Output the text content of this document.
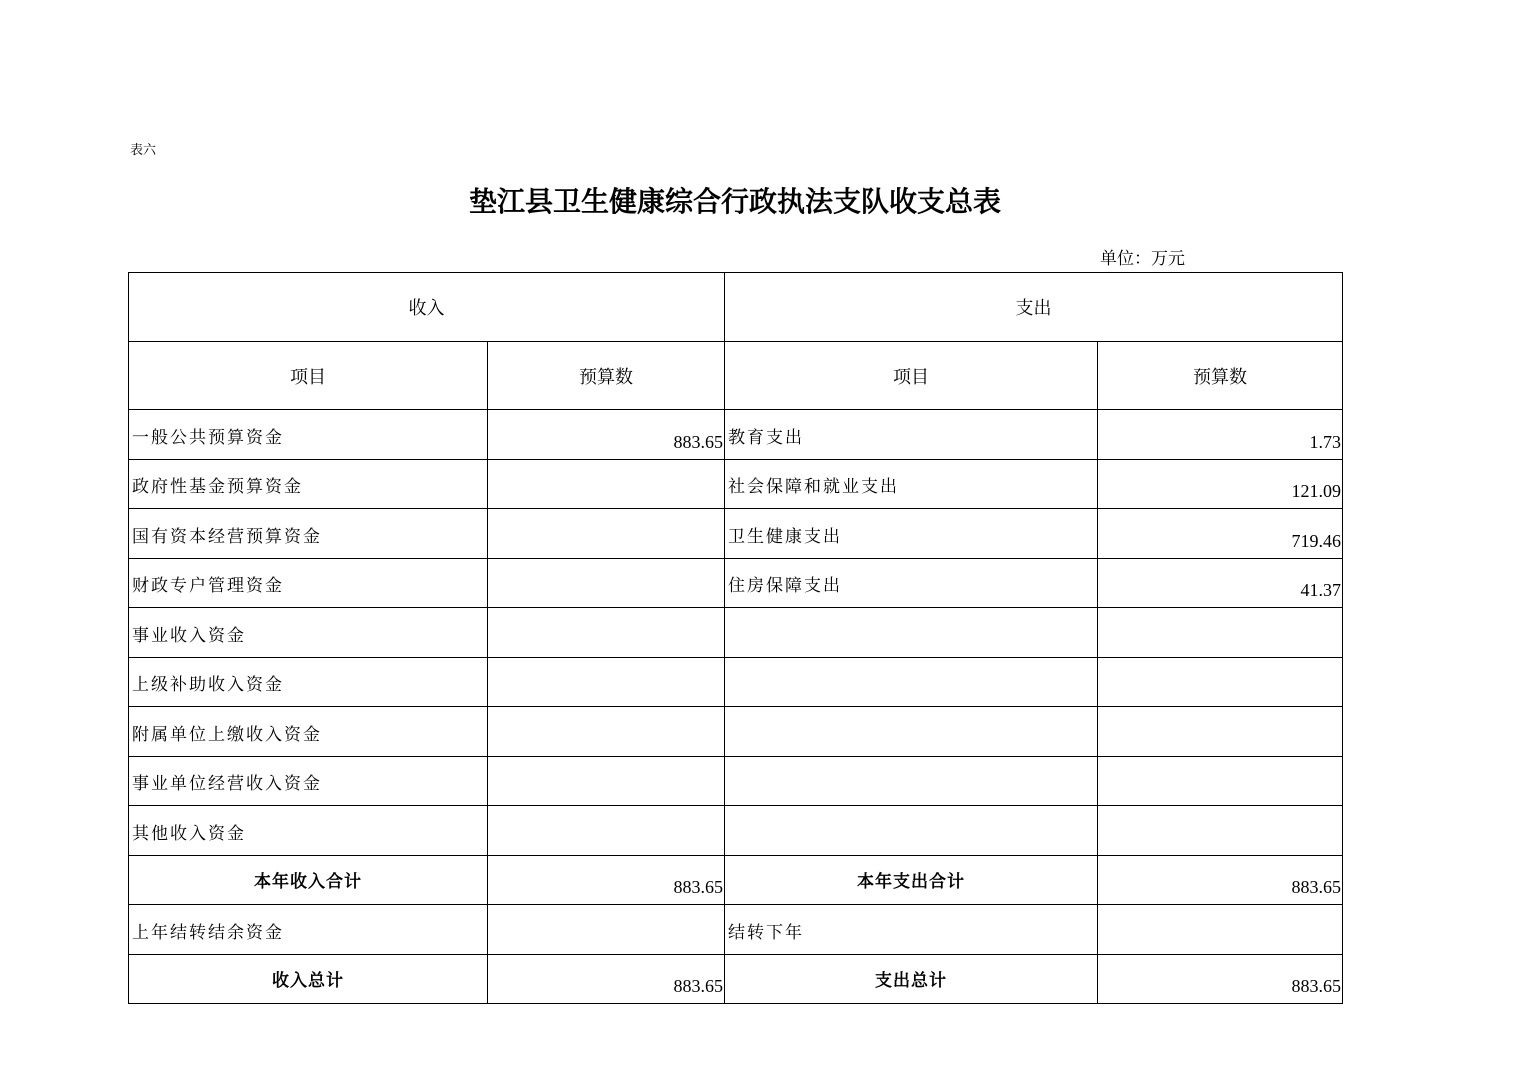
表六
垫江县卫生健康综合行政执法支队收支总表
单位：万元
收入		支出	
项目	预算数	项目	预算数
一般公共预算资金	883.65	教育支出	1.73
政府性基金预算资金		社会保障和就业支出	121.09
国有资本经营预算资金		卫生健康支出	719.46
财政专户管理资金		住房保障支出	41.37
事业收入资金			
上级补助收入资金			
附属单位上缴收入资金			
事业单位经营收入资金			
其他收入资金			
本年收入合计	883.65	本年支出合计	883.65
上年结转结余资金		结转下年	
收入总计	883.65	支出总计	883.65
